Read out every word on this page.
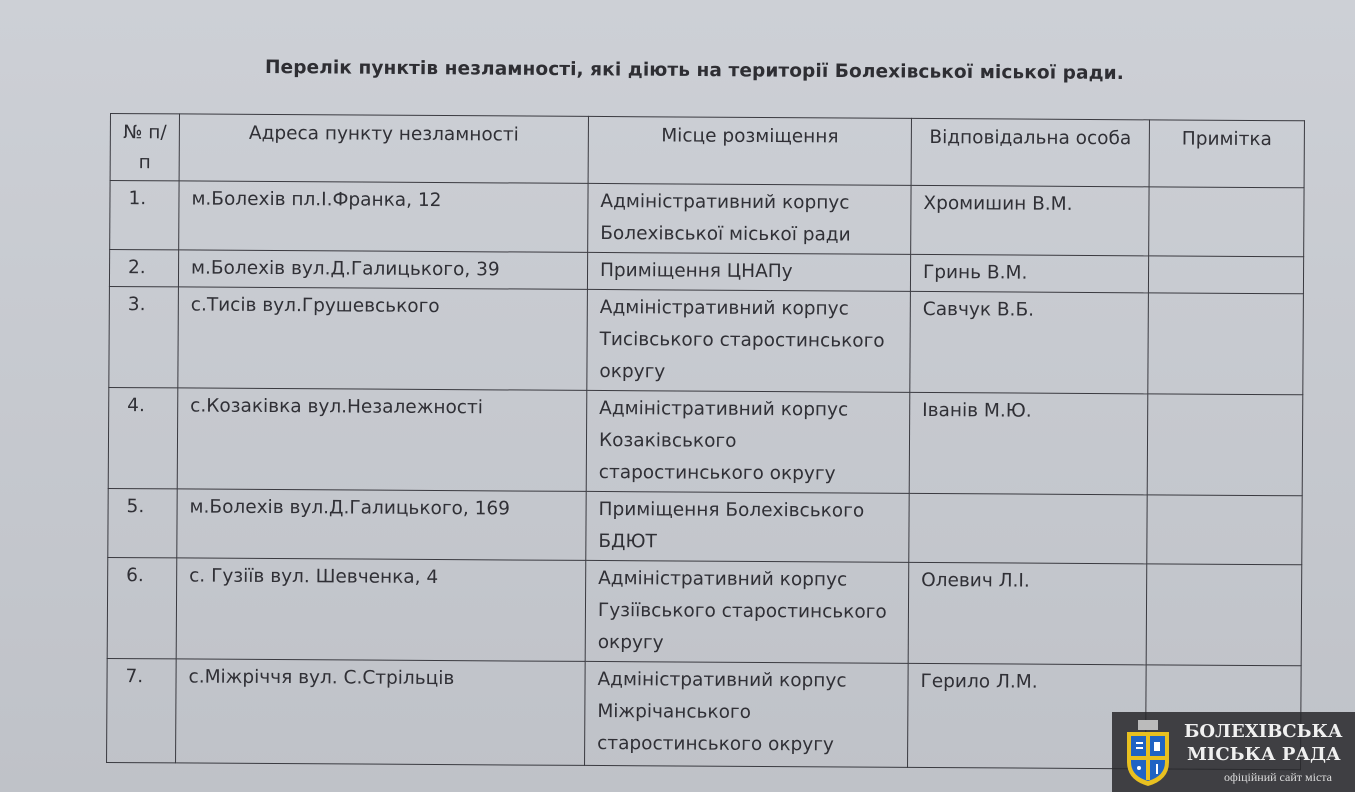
Перелік пунктів незламності, які діють на території Болехівської міської ради.
№ п/п	Адреса пункту незламності	Місце розміщення	Відповідальна особа	Примітка
1.	м.Болехів пл.І.Франка, 12	Адміністративний корпус Болехівської міської ради	Хромишин В.М.	
2.	м.Болехів вул.Д.Галицького, 39	Приміщення ЦНАПу	Гринь В.М.	
3.	с.Тисів вул.Грушевського	Адміністративний корпус Тисівського старостинського округу	Савчук В.Б.	
4.	с.Козаківка вул.Незалежності	Адміністративний корпус Козаківського старостинського округу	Іванів М.Ю.	
5.	м.Болехів вул.Д.Галицького, 169	Приміщення Болехівського БДЮТ		
6.	с. Гузіїв вул. Шевченка, 4	Адміністративний корпус Гузіївського старостинського округу	Олевич Л.І.	
7.	с.Міжріччя вул. С.Стрільців	Адміністративний корпус Міжрічанського старостинського округу	Герило Л.М.	
БОЛЕХІВСЬКА
МІСЬКА РАДА
офіційний сайт міста
